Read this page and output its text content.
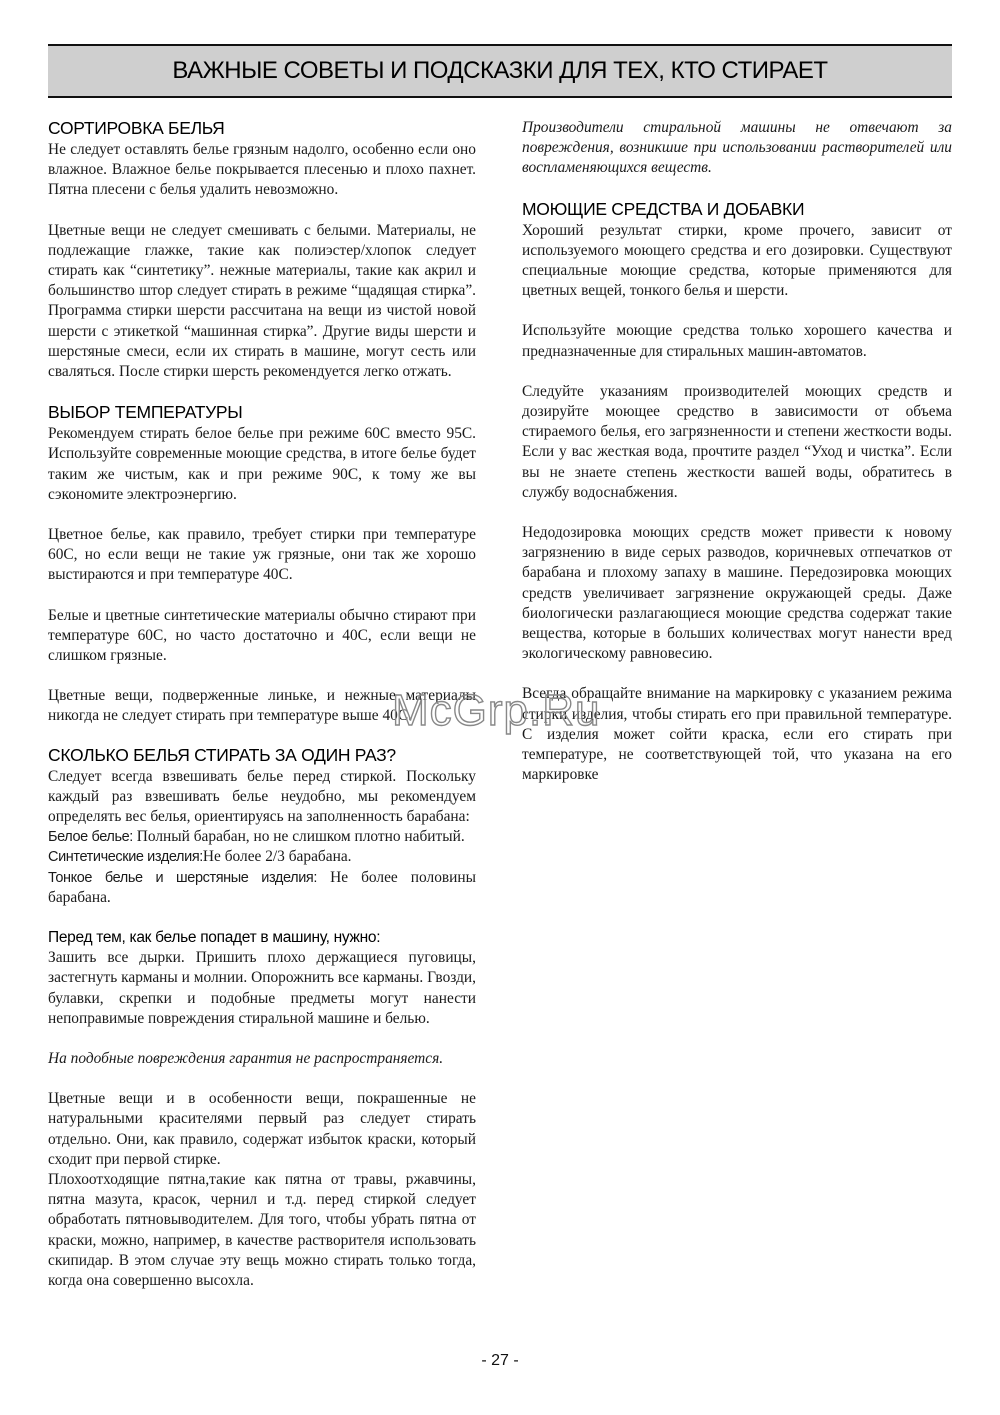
ВАЖНЫЕ СОВЕТЫ И ПОДСКАЗКИ ДЛЯ ТЕХ, КТО СТИРАЕТ
СОРТИРОВКА БЕЛЬЯ

Не следует оставлять белье грязным надолго, особенно если оно влажное. Влажное белье покрывается плесенью и плохо пахнет. Пятна плесени с белья удалить невозможно.

Цветные вещи не следует смешивать с белыми. Материалы, не подлежащие глажке, такие как полиэстер/хлопок следует стирать как “синтетику”. нежные материалы, такие как акрил и большинство штор следует стирать в режиме “щадящая стирка”. Программа стирки шерсти рассчитана на вещи из чистой новой шерсти с этикеткой “машинная стирка”. Другие виды шерсти и шерстяные смеси, если их стирать в машине, могут сесть или сваляться. После стирки шерсть рекомендуется легко отжать.

ВЫБОР ТЕМПЕРАТУРЫ

Рекомендуем стирать белое белье при режиме 60С вместо 95С. Используйте современные моющие средства, в итоге белье будет таким же чистым, как и при режиме 90С, к тому же вы сэкономите электроэнергию.

Цветное белье, как правило, требует стирки при температуре 60С, но если вещи не такие уж грязные, они так же хорошо выстираются и при температуре 40С.

Белые и цветные синтетические материалы обычно стирают при температуре 60С, но часто достаточно и 40С, если вещи не слишком грязные.

Цветные вещи, подверженные линьке, и нежные материалы никогда не следует стирать при температуре выше 40С.

СКОЛЬКО БЕЛЬЯ СТИРАТЬ ЗА ОДИН РАЗ?

Следует всегда взвешивать белье перед стиркой. Поскольку каждый раз взвешивать белье неудобно, мы рекомендуем определять вес белья, ориентируясь на заполненность барабана:

Белое белье: Полный барабан, но не слишком плотно набитый.

Синтетические изделия:Не более 2/3 барабана.

Тонкое белье и шерстяные изделия: Не более половины барабана.

Перед тем, как белье попадет в машину, нужно:

Зашить все дырки. Пришить плохо держащиеся пуговицы, застегнуть карманы и молнии. Опорожнить все карманы. Гвозди, булавки, скрепки и подобные предметы могут нанести непоправимые повреждения стиральной машине и белью.

На подобные повреждения гарантия не распространяется.

Цветные вещи и в особенности вещи, покрашенные не натуральными красителями первый раз следует стирать отдельно. Они, как правило, содержат избыток краски, который сходит при первой стирке.

Плохоотходящие пятна,такие как пятна от травы, ржавчины, пятна мазута, красок, чернил и т.д. перед стиркой следует обработать пятновыводителем. Для того, чтобы убрать пятна от краски, можно, например, в качестве растворителя использовать скипидар. В этом случае эту вещь можно стирать только тогда, когда она совершенно высохла.

Производители стиральной машины не отвечают за повреждения, возникшие при использовании растворителей или воспламеняющихся веществ.

МОЮЩИЕ СРЕДСТВА И ДОБАВКИ

Хороший результат стирки, кроме прочего, зависит от используемого моющего средства и его дозировки. Существуют специальные моющие средства, которые применяются для цветных вещей, тонкого белья и шерсти.

Используйте моющие средства только хорошего качества и предназначенные для стиральных машин-автоматов.

Следуйте указаниям производителей моющих средств и дозируйте моющее средство в зависимости от объема стираемого белья, его загрязненности и степени жесткости воды. Если у вас жесткая вода, прочтите раздел “Уход и чистка”. Если вы не знаете степень жесткости вашей воды, обратитесь в службу водоснабжения.

Недодозировка моющих средств может привести к новому загрязнению в виде серых разводов, коричневых отпечатков от барабана и плохому запаху в машине. Передозировка моющих средств увеличивает загрязнение окружающей среды. Даже биологически разлагающиеся моющие средства содержат такие вещества, которые в больших количествах могут нанести вред экологическому равновесию.

Всегда обращайте внимание на маркировку с указанием режима стирки изделия, чтобы стирать его при правильной температуре. С изделия может сойти краска, если его стирать при температуре, не соответствующей той, что указана на его маркировке

McGrp.Ru
- 27 -
